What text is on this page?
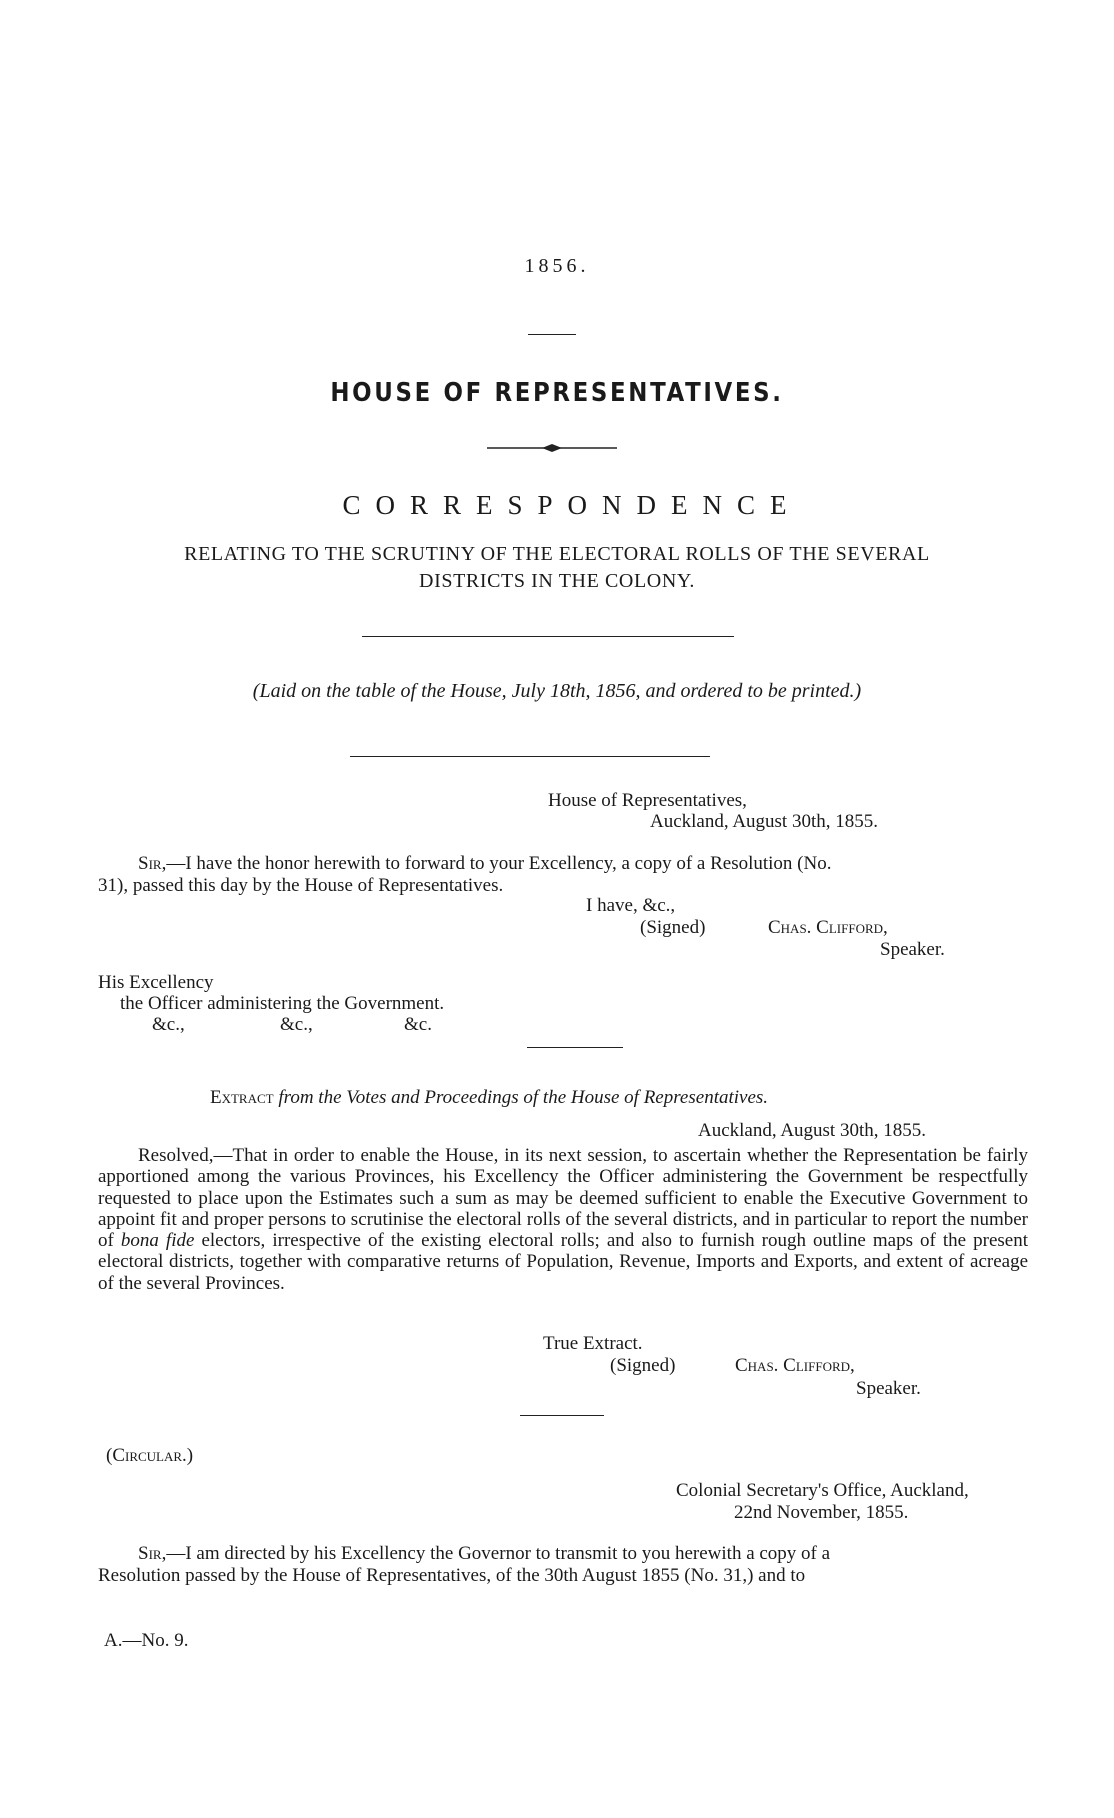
1856.
HOUSE OF REPRESENTATIVES.
CORRESPONDENCE
RELATING TO THE SCRUTINY OF THE ELECTORAL ROLLS OF THE SEVERAL
DISTRICTS IN THE COLONY.
(Laid on the table of the House, July 18th, 1856, and ordered to be printed.)
House of Representatives,
Auckland, August 30th, 1855.
Sir,—I have the honor herewith to forward to your Excellency, a copy of a Resolution (No.
31), passed this day by the House of Representatives.
I have, &c.,
(Signed)	Chas. Clifford,
Speaker.
His Excellency
the Officer administering the Government.
&c.,	&c.,	&c.
Extract from the Votes and Proceedings of the House of Representatives.
Auckland, August 30th, 1855.

Resolved,—That in order to enable the House, in its next session, to ascertain whether the Representation be fairly apportioned among the various Provinces, his Excellency the Officer administering the Government be respectfully requested to place upon the Estimates such a sum as may be deemed sufficient to enable the Executive Government to appoint fit and proper persons to scrutinise the electoral rolls of the several districts, and in particular to report the number of bona fide electors, irrespective of the existing electoral rolls; and also to furnish rough outline maps of the present electoral districts, together with comparative returns of Population, Revenue, Imports and Exports, and extent of acreage of the several Provinces.

True Extract.
(Signed)	Chas. Clifford,
Speaker.
(Circular.)
Colonial Secretary's Office, Auckland,
22nd November, 1855.
Sir,—I am directed by his Excellency the Governor to transmit to you herewith a copy of a
Resolution passed by the House of Representatives, of the 30th August 1855 (No. 31,) and to
A.—No. 9.
